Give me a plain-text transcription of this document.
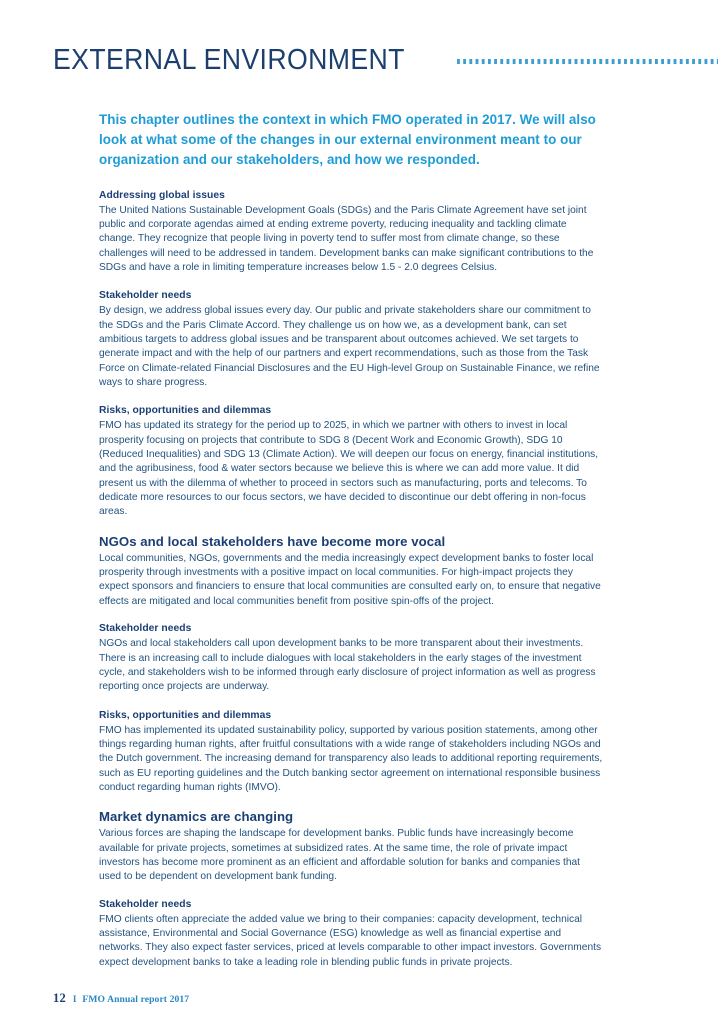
EXTERNAL ENVIRONMENT

This chapter outlines the context in which FMO operated in 2017. We will also look at what some of the changes in our external environment meant to our organization and our stakeholders, and how we responded.

Addressing global issues

The United Nations Sustainable Development Goals (SDGs) and the Paris Climate Agreement have set joint public and corporate agendas aimed at ending extreme poverty, reducing inequality and tackling climate change. They recognize that people living in poverty tend to suffer most from climate change, so these challenges will need to be addressed in tandem. Development banks can make significant contributions to the SDGs and have a role in limiting temperature increases below 1.5 - 2.0 degrees Celsius.

Stakeholder needs

By design, we address global issues every day. Our public and private stakeholders share our commitment to the SDGs and the Paris Climate Accord. They challenge us on how we, as a development bank, can set ambitious targets to address global issues and be transparent about outcomes achieved. We set targets to generate impact and with the help of our partners and expert recommendations, such as those from the Task Force on Climate-related Financial Disclosures and the EU High-level Group on Sustainable Finance, we refine ways to share progress.

Risks, opportunities and dilemmas

FMO has updated its strategy for the period up to 2025, in which we partner with others to invest in local prosperity focusing on projects that contribute to SDG 8 (Decent Work and Economic Growth), SDG 10 (Reduced Inequalities) and SDG 13 (Climate Action). We will deepen our focus on energy, financial institutions, and the agribusiness, food & water sectors because we believe this is where we can add more value. It did present us with the dilemma of whether to proceed in sectors such as manufacturing, ports and telecoms. To dedicate more resources to our focus sectors, we have decided to discontinue our debt offering in non-focus areas.

NGOs and local stakeholders have become more vocal

Local communities, NGOs, governments and the media increasingly expect development banks to foster local prosperity through investments with a positive impact on local communities. For high-impact projects they expect sponsors and financiers to ensure that local communities are consulted early on, to ensure that negative effects are mitigated and local communities benefit from positive spin-offs of the project.

Stakeholder needs

NGOs and local stakeholders call upon development banks to be more transparent about their investments. There is an increasing call to include dialogues with local stakeholders in the early stages of the investment cycle, and stakeholders wish to be informed through early disclosure of project information as well as progress reporting once projects are underway.

Risks, opportunities and dilemmas

FMO has implemented its updated sustainability policy, supported by various position statements, among other things regarding human rights, after fruitful consultations with a wide range of stakeholders including NGOs and the Dutch government. The increasing demand for transparency also leads to additional reporting requirements, such as EU reporting guidelines and the Dutch banking sector agreement on international responsible business conduct regarding human rights (IMVO).

Market dynamics are changing

Various forces are shaping the landscape for development banks. Public funds have increasingly become available for private projects, sometimes at subsidized rates. At the same time, the role of private impact investors has become more prominent as an efficient and affordable solution for banks and companies that used to be dependent on development bank funding.

Stakeholder needs

FMO clients often appreciate the added value we bring to their companies: capacity development, technical assistance, Environmental and Social Governance (ESG) knowledge as well as financial expertise and networks. They also expect faster services, priced at levels comparable to other impact investors. Governments expect development banks to take a leading role in blending public funds in private projects.

12 I FMO Annual report 2017
